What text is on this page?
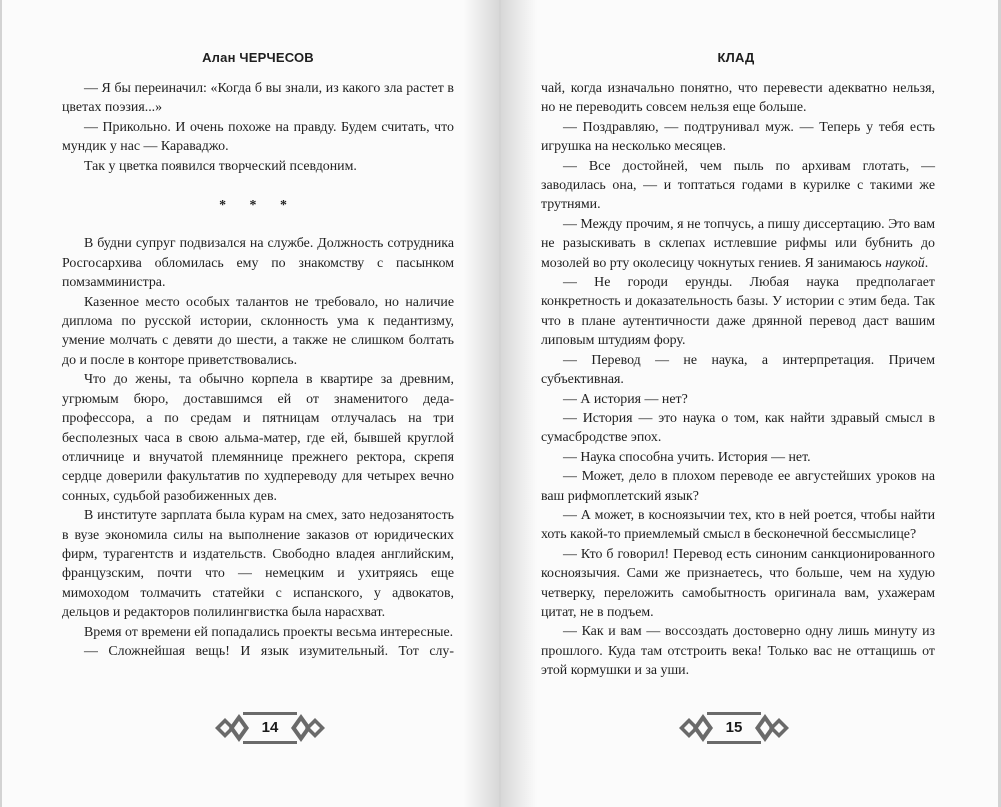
Алан ЧЕРЧЕСОВ

— Я бы переиначил: «Когда б вы знали, из какого зла растет в цветах поэзия...»

— Прикольно. И очень похоже на правду. Будем считать, что мундик у нас — Караваджо.

Так у цветка появился творческий псевдоним.

* * *

В будни супруг подвизался на службе. Должность сотрудника Росгосархива обломилась ему по знакомству с пасынком помзамминистра.

Казенное место особых талантов не требовало, но наличие диплома по русской истории, склонность ума к педантизму, умение молчать с девяти до шести, а также не слишком болтать до и после в конторе приветствовались.

Что до жены, та обычно корпела в квартире за древним, угрюмым бюро, доставшимся ей от знаменитого деда-профессора, а по средам и пятницам отлучалась на три бесполезных часа в свою альма-матер, где ей, бывшей круглой отличнице и внучатой племяннице прежнего ректора, скрепя сердце доверили факультатив по худпереводу для четырех вечно сонных, судьбой разобиженных дев.

В институте зарплата была курам на смех, зато недозанятость в вузе экономила силы на выполнение заказов от юридических фирм, турагентств и издательств. Свободно владея английским, французским, почти что — немецким и ухитряясь еще мимоходом толмачить статейки с испанского, у адвокатов, дельцов и редакторов полилингвистка была нарасхват.

Время от времени ей попадались проекты весьма интересные.

— Сложнейшая вещь! И язык изумительный. Тот слу-

14
КЛАД

чай, когда изначально понятно, что перевести адекватно нельзя, но не переводить совсем нельзя еще больше.

— Поздравляю, — подтрунивал муж. — Теперь у тебя есть игрушка на несколько месяцев.

— Все достойней, чем пыль по архивам глотать, — заводилась она, — и топтаться годами в курилке с такими же трутнями.

— Между прочим, я не топчусь, а пишу диссертацию. Это вам не разыскивать в склепах истлевшие рифмы или бубнить до мозолей во рту околесицу чокнутых гениев. Я занимаюсь наукой.

— Не городи ерунды. Любая наука предполагает конкретность и доказательность базы. У истории с этим беда. Так что в плане аутентичности даже дрянной перевод даст вашим липовым штудиям фору.

— Перевод — не наука, а интерпретация. Причем субъективная.

— А история — нет?

— История — это наука о том, как найти здравый смысл в сумасбродстве эпох.

— Наука способна учить. История — нет.

— Может, дело в плохом переводе ее августейших уроков на ваш рифмоплетский язык?

— А может, в косноязычии тех, кто в ней роется, чтобы найти хоть какой-то приемлемый смысл в бесконечной бессмыслице?

— Кто б говорил! Перевод есть синоним санкционированного косноязычия. Сами же признаетесь, что больше, чем на худую четверку, переложить самобытность оригинала вам, ухажерам цитат, не в подъем.

— Как и вам — воссоздать достоверно одну лишь минуту из прошлого. Куда там отстроить века! Только вас не оттащишь от этой кормушки и за уши.

15
